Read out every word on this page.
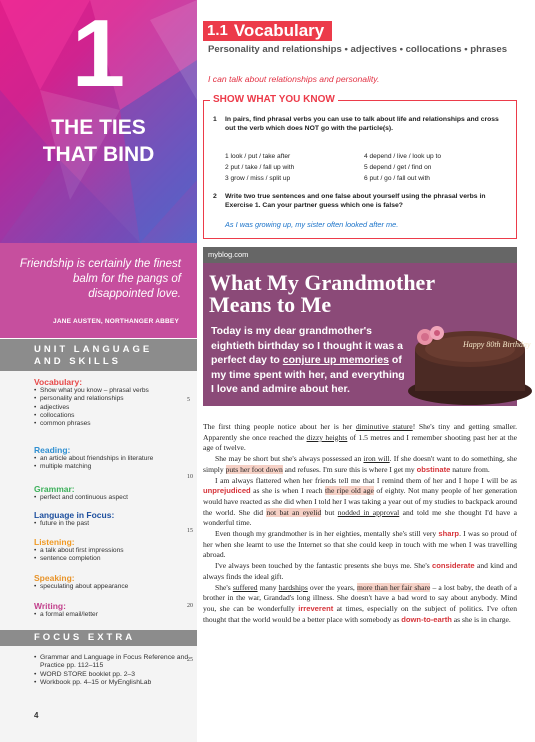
1
THE TIES
THAT BIND
Friendship is certainly the finest balm for the pangs of disappointed love.
JANE AUSTEN, NORTHANGER ABBEY
UNIT LANGUAGE
AND SKILLS
Vocabulary:
• Show what you know – phrasal verbs
• personality and relationships
• adjectives
• collocations
• common phrases
Reading:
• an article about friendships in literature
• multiple matching
Grammar:
• perfect and continuous aspect
Language in Focus:
• future in the past
Listening:
• a talk about first impressions
• sentence completion
Speaking:
• speculating about appearance
Writing:
• a formal email/letter
FOCUS EXTRA
• Grammar and Language in Focus Reference and Practice pp. 112–115
• WORD STORE booklet pp. 2–3
• Workbook pp. 4–15 or MyEnglishLab
4
1.1 Vocabulary
Personality and relationships • adjectives • collocations • phrases
I can talk about relationships and personality.
SHOW WHAT YOU KNOW
1 In pairs, find phrasal verbs you can use to talk about life and relationships and cross out the verb which does NOT go with the particle(s).
1 look / put / take after
2 put / take / fall up with
3 grow / miss / split up
4 depend / live / look up to
5 depend / get / find on
6 put / go / fall out with
2 Write two true sentences and one false about yourself using the phrasal verbs in Exercise 1. Can your partner guess which one is false?
As I was growing up, my sister often looked after me.
myblog.com
What My Grandmother
Means to Me
Today is my dear grandmother's eightieth birthday so I thought it was a perfect day to conjure up memories of my time spent with her, and everything I love and admire about her.
Happy 80th Birthday
5
10
15
20
25

The first thing people notice about her is her diminutive stature! She's tiny and getting smaller. Apparently she once reached the dizzy heights of 1.5 metres and I remember shooting past her at the age of twelve.

She may be short but she's always possessed an iron will. If she doesn't want to do something, she simply puts her foot down and refuses. I'm sure this is where I get my obstinate nature from.

I am always flattered when her friends tell me that I remind them of her and I hope I will be as unprejudiced as she is when I reach the ripe old age of eighty. Not many people of her generation would have reacted as she did when I told her I was taking a year out of my studies to backpack around the world. She did not bat an eyelid but nodded in approval and told me she thought I'd have a wonderful time.

Even though my grandmother is in her eighties, mentally she's still very sharp. I was so proud of her when she learnt to use the Internet so that she could keep in touch with me when I was travelling abroad.

I've always been touched by the fantastic presents she buys me. She's considerate and kind and always finds the ideal gift.

She's suffered many hardships over the years, more than her fair share – a lost baby, the death of a brother in the war, Grandad's long illness. She doesn't have a bad word to say about anybody. Mind you, she can be wonderfully irreverent at times, especially on the subject of politics. I've often thought that the world would be a better place with somebody as down-to-earth as she is in charge.
